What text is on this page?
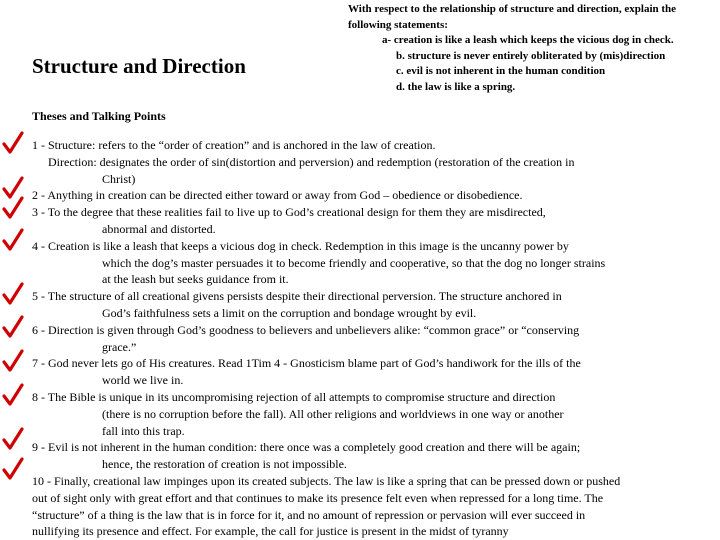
Structure and Direction
Theses and Talking Points
With respect to the relationship of structure and direction, explain the following statements:
a- creation is like a leash which keeps the vicious dog in check.
b. structure is never entirely obliterated by (mis)direction
c. evil is not inherent in the human condition
d. the law is like a spring.
1 - Structure: refers to the “order of creation” and is anchored in the law of creation.
Direction: designates the order of sin(distortion and perversion) and redemption (restoration of the creation in
Christ)
2 - Anything in creation can be directed either toward or away from God – obedience or disobedience.
3 - To the degree that these realities fail to live up to God’s creational design for them they are misdirected,
abnormal and distorted.
4 - Creation is like a leash that keeps a vicious dog in check. Redemption in this image is the uncanny power by
which the dog’s master persuades it to become friendly and cooperative, so that the dog no longer strains
at the leash but seeks guidance from it.
5 - The structure of all creational givens persists despite their directional perversion. The structure anchored in
God’s faithfulness sets a limit on the corruption and bondage wrought by evil.
6 - Direction is given through God’s goodness to believers and unbelievers alike: “common grace” or “conserving
grace.”
7 - God never lets go of His creatures. Read 1Tim 4 - Gnosticism blame part of God’s handiwork for the ills of the
world we live in.
8 - The Bible is unique in its uncompromising rejection of all attempts to compromise structure and direction
(there is no corruption before the fall). All other religions and worldviews in one way or another
fall into this trap.
9 - Evil is not inherent in the human condition: there once was a completely good creation and there will be again;
hence, the restoration of creation is not impossible.
10 - Finally, creational law impinges upon its created subjects. The law is like a spring that can be pressed down or pushed
out of sight only with great effort and that continues to make its presence felt even when repressed for a long time. The
“structure” of a thing is the law that is in force for it, and no amount of repression or pervasion will ever succeed in
nullifying its presence and effect. For example, the call for justice is present in the midst of tyranny
